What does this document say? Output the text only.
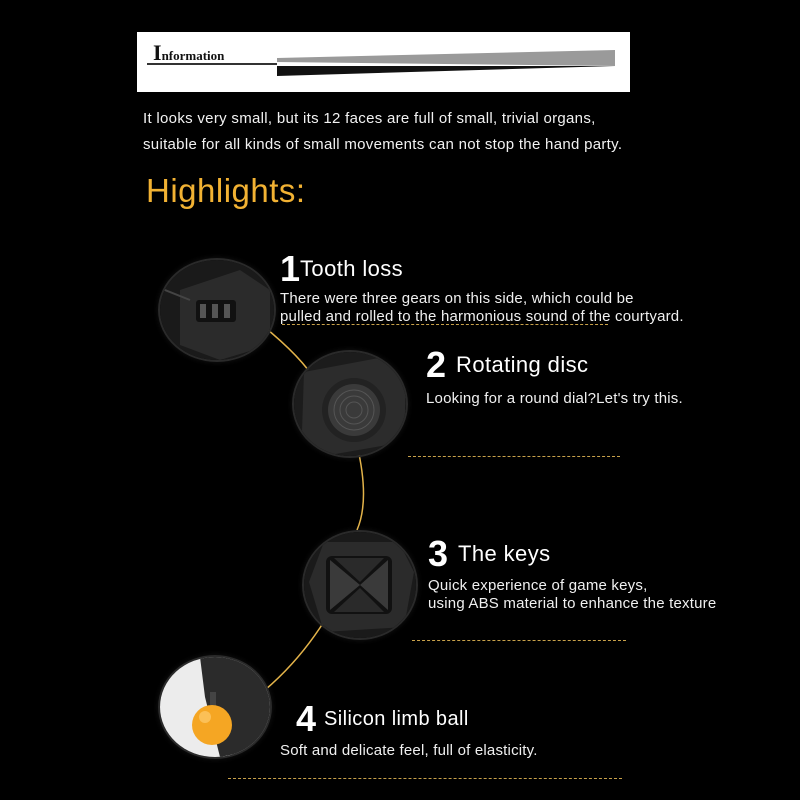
Information

It looks very small, but its 12 faces are full of small, trivial organs,

suitable for all kinds of small movements can not stop the hand party.

Highlights:
1Tooth loss
There were three gears on this side, which could be
pulled and rolled to the harmonious sound of the courtyard.
2 Rotating disc
Looking for a round dial?Let's try this.
3 The keys
Quick experience of game keys,
using ABS material to enhance the texture
4 Silicon limb ball
Soft and delicate feel, full of elasticity.
